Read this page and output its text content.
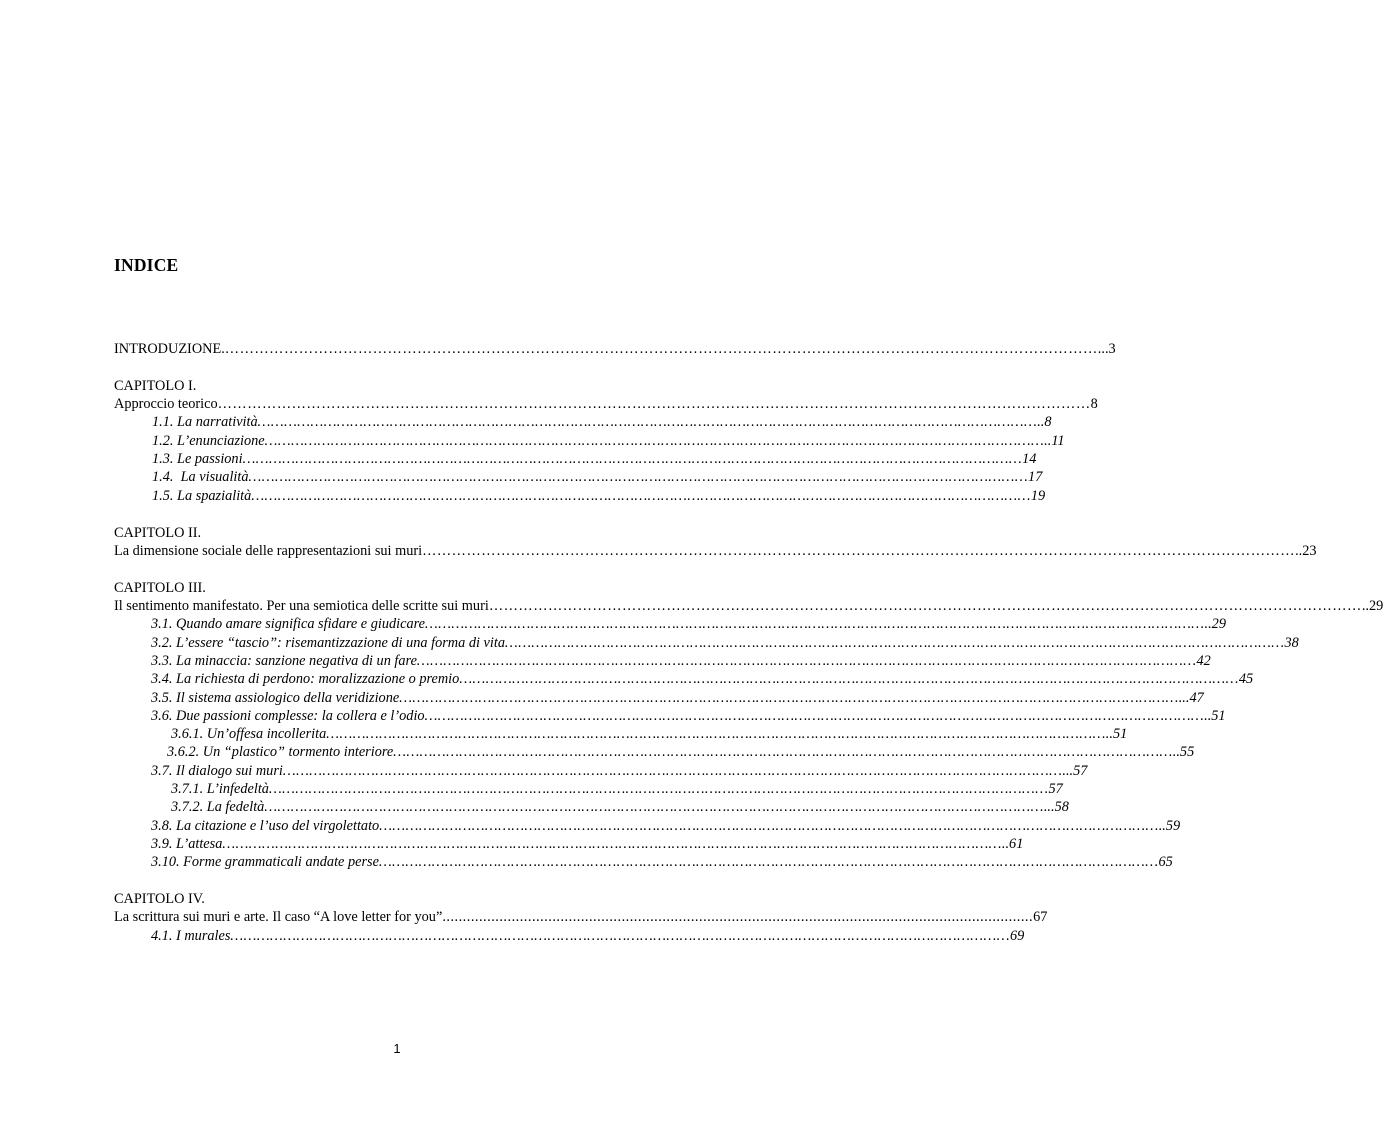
INDICE
INTRODUZIONE. …………………………………………………………………………………………………………………………………………………………… ...3
CAPITOLO I.
Approccio teorico …………………………………………………………………………………………………………………………………………………………… 8
1.1. La narratività …………………………………………………………………………………………………………………………………………………………… ..8
1.2. L’enunciazione …………………………………………………………………………………………………………………………………………………………… ..11
1.3. Le passioni …………………………………………………………………………………………………………………………………………………………… 14
1.4.  La visualità …………………………………………………………………………………………………………………………………………………………… 17
1.5. La spazialità …………………………………………………………………………………………………………………………………………………………… 19
CAPITOLO II.
La dimensione sociale delle rappresentazioni sui muri …………………………………………………………………………………………………………………………………………………………… ..23
CAPITOLO III.
Il sentimento manifestato. Per una semiotica delle scritte sui muri …………………………………………………………………………………………………………………………………………………………… ..29
3.1. Quando amare significa sfidare e giudicare …………………………………………………………………………………………………………………………………………………………… ..29
3.2. L’essere “tascio”: risemantizzazione di una forma di vita …………………………………………………………………………………………………………………………………………………………… 38
3.3. La minaccia: sanzione negativa di un fare …………………………………………………………………………………………………………………………………………………………… 42
3.4. La richiesta di perdono: moralizzazione o premio …………………………………………………………………………………………………………………………………………………………… 45
3.5. Il sistema assiologico della veridizione …………………………………………………………………………………………………………………………………………………………… ...47
3.6. Due passioni complesse: la collera e l’odio …………………………………………………………………………………………………………………………………………………………… ..51
3.6.1. Un’offesa incollerita …………………………………………………………………………………………………………………………………………………………… ..51
3.6.2. Un “plastico” tormento interiore …………………………………………………………………………………………………………………………………………………………… ..55
3.7. Il dialogo sui muri …………………………………………………………………………………………………………………………………………………………… ...57
3.7.1. L’infedeltà …………………………………………………………………………………………………………………………………………………………… 57
3.7.2. La fedeltà …………………………………………………………………………………………………………………………………………………………… ...58
3.8. La citazione e l’uso del virgolettato …………………………………………………………………………………………………………………………………………………………… ..59
3.9. L’attesa …………………………………………………………………………………………………………………………………………………………… ..61
3.10. Forme grammaticali andate perse …………………………………………………………………………………………………………………………………………………………… 65
CAPITOLO IV.
La scrittura sui muri e arte. Il caso “A love letter for you” ................................................................................................................................................. 67
4.1. I murales …………………………………………………………………………………………………………………………………………………………… 69
1
